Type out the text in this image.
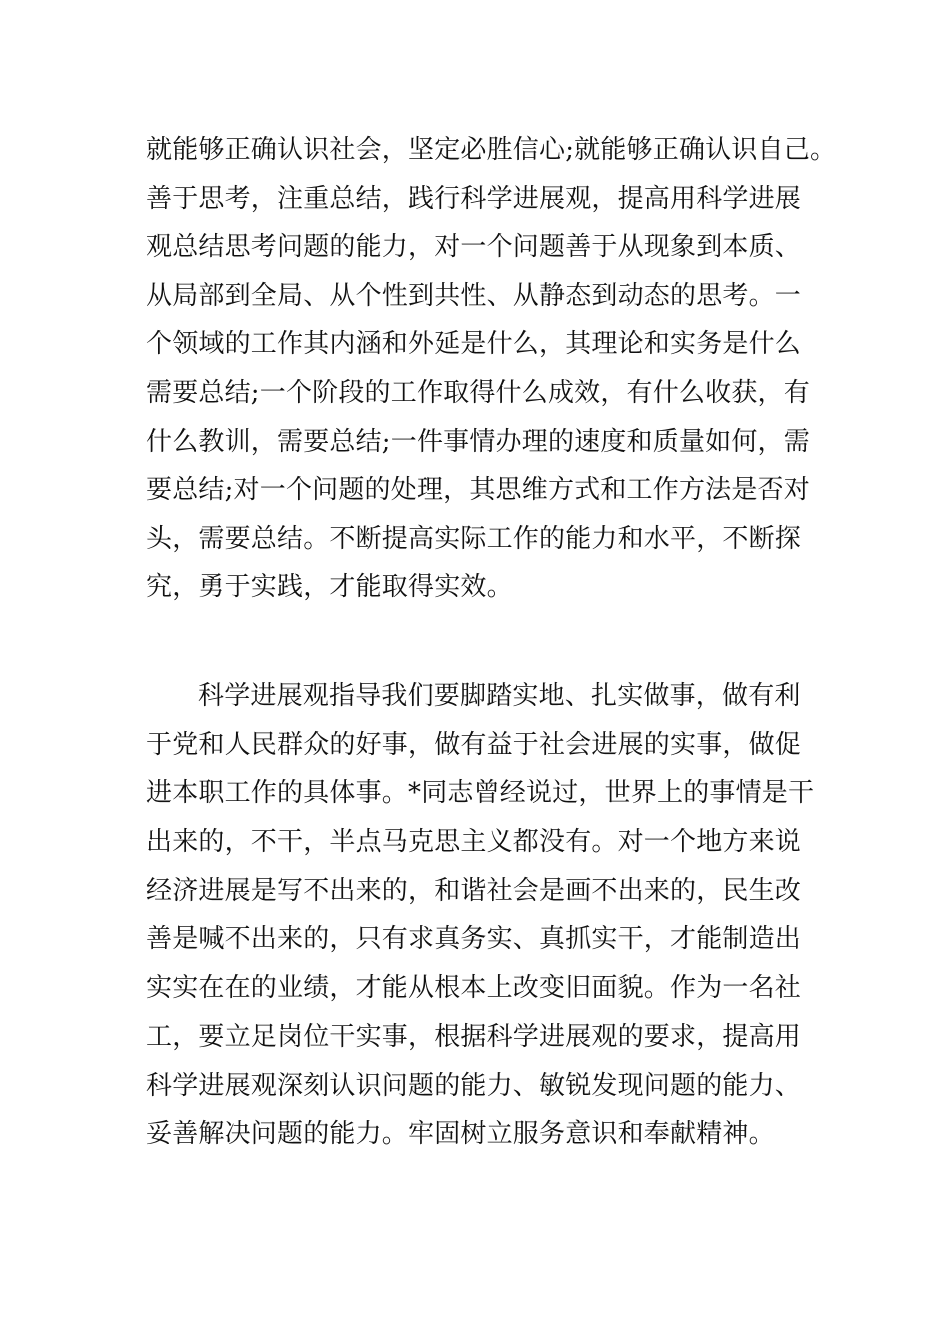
就能够正确认识社会，坚定必胜信心;就能够正确认识自己。
善于思考，注重总结，践行科学进展观，提高用科学进展
观总结思考问题的能力，对一个问题善于从现象到本质、
从局部到全局、从个性到共性、从静态到动态的思考。一
个领域的工作其内涵和外延是什么，其理论和实务是什么
需要总结;一个阶段的工作取得什么成效，有什么收获，有
什么教训，需要总结;一件事情办理的速度和质量如何，需
要总结;对一个问题的处理，其思维方式和工作方法是否对
头，需要总结。不断提高实际工作的能力和水平，不断探
究，勇于实践，才能取得实效。
科学进展观指导我们要脚踏实地、扎实做事，做有利
于党和人民群众的好事，做有益于社会进展的实事，做促
进本职工作的具体事。*同志曾经说过，世界上的事情是干
出来的，不干，半点马克思主义都没有。对一个地方来说
经济进展是写不出来的，和谐社会是画不出来的，民生改
善是喊不出来的，只有求真务实、真抓实干，才能制造出
实实在在的业绩，才能从根本上改变旧面貌。作为一名社
工，要立足岗位干实事，根据科学进展观的要求，提高用
科学进展观深刻认识问题的能力、敏锐发现问题的能力、
妥善解决问题的能力。牢固树立服务意识和奉献精神。
